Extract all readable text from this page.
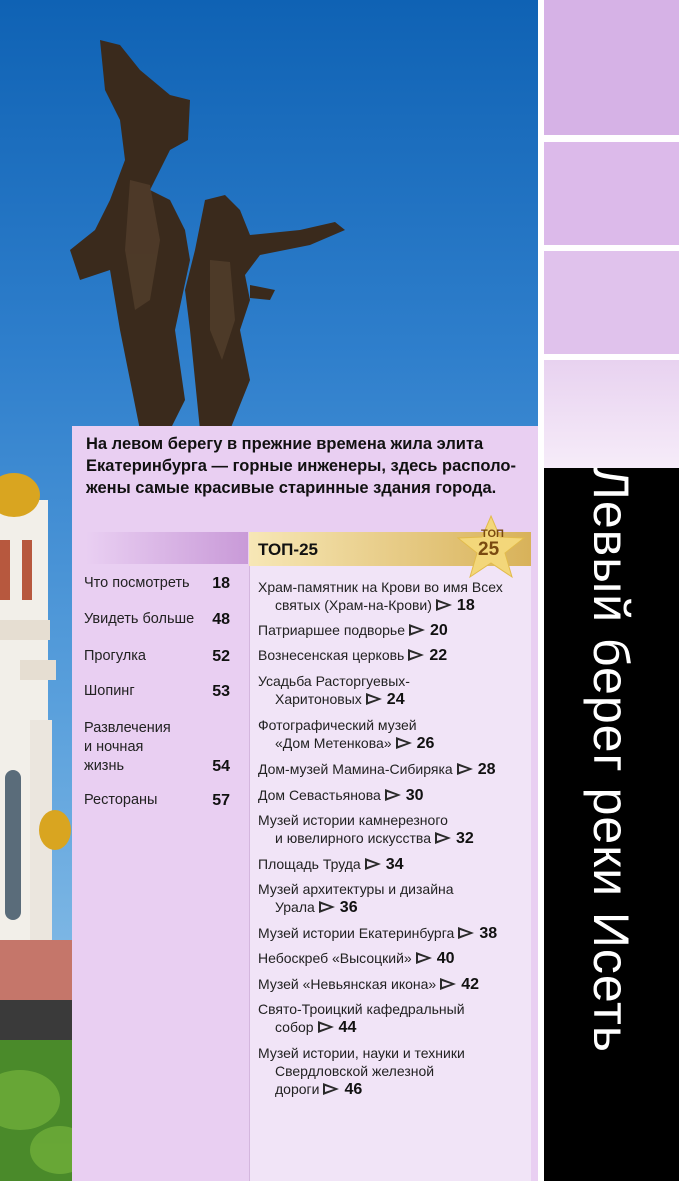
Левый берег реки Исеть
На левом берегу в прежние времена жила элита
Екатеринбурга — горные инженеры, здесь располо-
жены самые красивые старинные здания города.
Что посмотреть	18
Увидеть больше 48
Прогулка	52
Шопинг	53
Развлечения и ночная жизнь	54
Рестораны	57
ТОП-25
ТОП
25
Храм-памятник на Крови во имя Всех
святых (Храм-на-Крови) 18
Патриаршее подворье 20
Вознесенская церковь 22
Усадьба Расторгуевых-
Харитоновых 24
Фотографический музей
«Дом Метенкова» 26
Дом-музей Мамина-Сибиряка 28
Дом Севастьянова 30
Музей истории камнерезного
и ювелирного искусства 32
Площадь Труда 34
Музей архитектуры и дизайна
Урала 36
Музей истории Екатеринбурга 38
Небоскреб «Высоцкий» 40
Музей «Невьянская икона» 42
Свято-Троицкий кафедральный
собор 44
Музей истории, науки и техники
Свердловской железной
дороги 46
